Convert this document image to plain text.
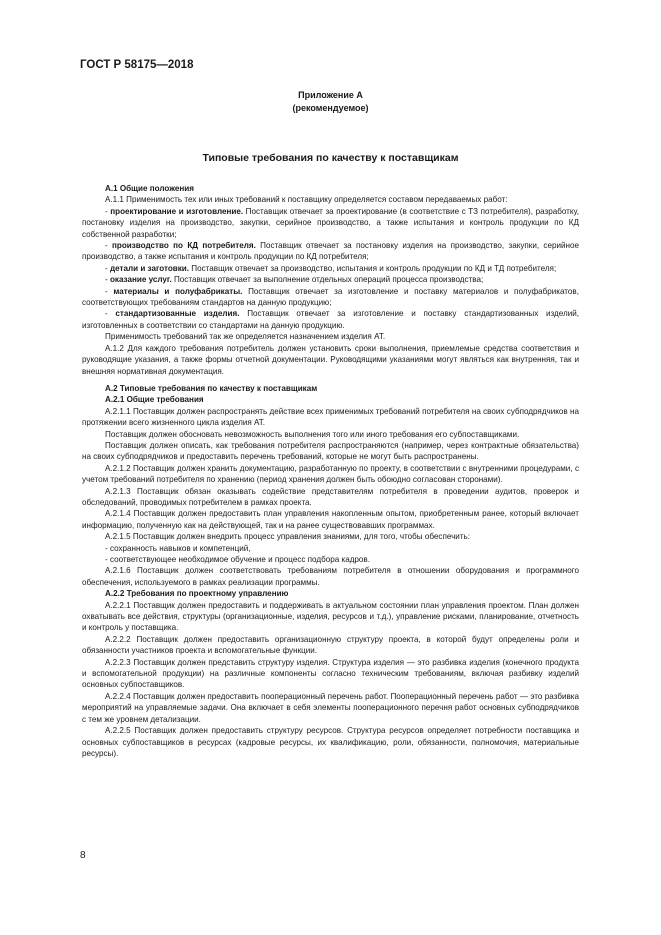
ГОСТ Р 58175—2018
Приложение А
(рекомендуемое)
Типовые требования по качеству к поставщикам

А.1 Общие положения

А.1.1 Применимость тех или иных требований к поставщику определяется составом передаваемых работ:

- проектирование и изготовление. Поставщик отвечает за проектирование (в соответствие с ТЗ потребителя), разработку, постановку изделия на производство, закупки, серийное производство, а также испытания и контроль продукции по КД собственной разработки;

- производство по КД потребителя. Поставщик отвечает за постановку изделия на производство, закупки, серийное производство, а также испытания и контроль продукции по КД потребителя;

- детали и заготовки. Поставщик отвечает за производство, испытания и контроль продукции по КД и ТД потребителя;

- оказание услуг. Поставщик отвечает за выполнение отдельных операций процесса производства;

- материалы и полуфабрикаты. Поставщик отвечает за изготовление и поставку материалов и полуфабрикатов, соответствующих требованиям стандартов на данную продукцию;

- стандартизованные изделия. Поставщик отвечает за изготовление и поставку стандартизованных изделий, изготовленных в соответствии со стандартами на данную продукцию.

Применимость требований так же определяется назначением изделия АТ.

А.1.2 Для каждого требования потребитель должен установить сроки выполнения, приемлемые средства соответствия и руководящие указания, а также формы отчетной документации. Руководящими указаниями могут являться как внутренняя, так и внешняя нормативная документация.

А.2 Типовые требования по качеству к поставщикам

А.2.1 Общие требования

А.2.1.1 Поставщик должен распространять действие всех применимых требований потребителя на своих субподрядчиков на протяжении всего жизненного цикла изделия АТ.

Поставщик должен обосновать невозможность выполнения того или иного требования его субпоставщиками.

Поставщик должен описать, как требования потребителя распространяются (например, через контрактные обязательства) на своих субподрядчиков и предоставить перечень требований, которые не могут быть распространены.

А.2.1.2 Поставщик должен хранить документацию, разработанную по проекту, в соответствии с внутренними процедурами, с учетом требований потребителя по хранению (период хранения должен быть обоюдно согласован сторонами).

А.2.1.3 Поставщик обязан оказывать содействие представителям потребителя в проведении аудитов, проверок и обследований, проводимых потребителем в рамках проекта.

А.2.1.4 Поставщик должен предоставить план управления накопленным опытом, приобретенным ранее, который включает информацию, полученную как на действующей, так и на ранее существовавших программах.

А.2.1.5 Поставщик должен внедрить процесс управления знаниями, для того, чтобы обеспечить:

- сохранность навыков и компетенций,

- соответствующее необходимое обучение и процесс подбора кадров.

А.2.1.6 Поставщик должен соответствовать требованиям потребителя в отношении оборудования и программного обеспечения, используемого в рамках реализации программы.

А.2.2 Требования по проектному управлению

А.2.2.1 Поставщик должен предоставить и поддерживать в актуальном состоянии план управления проектом. План должен охватывать все действия, структуры (организационные, изделия, ресурсов и т.д.), управление рисками, планирование, отчетность и контроль у поставщика.

А.2.2.2 Поставщик должен предоставить организационную структуру проекта, в которой будут определены роли и обязанности участников проекта и вспомогательные функции.

А.2.2.3 Поставщик должен представить структуру изделия. Структура изделия — это разбивка изделия (конечного продукта и вспомогательной продукции) на различные компоненты согласно техническим требованиям, включая разбивку изделий основных субпоставщиков.

А.2.2.4 Поставщик должен предоставить пооперационный перечень работ. Пооперационный перечень работ — это разбивка мероприятий на управляемые задачи. Она включает в себя элементы пооперационного перечня работ основных субподрядчиков с тем же уровнем детализации.

А.2.2.5 Поставщик должен предоставить структуру ресурсов. Структура ресурсов определяет потребности поставщика и основных субпоставщиков в ресурсах (кадровые ресурсы, их квалификацию, роли, обязанности, полномочия, материальные ресурсы).

8
